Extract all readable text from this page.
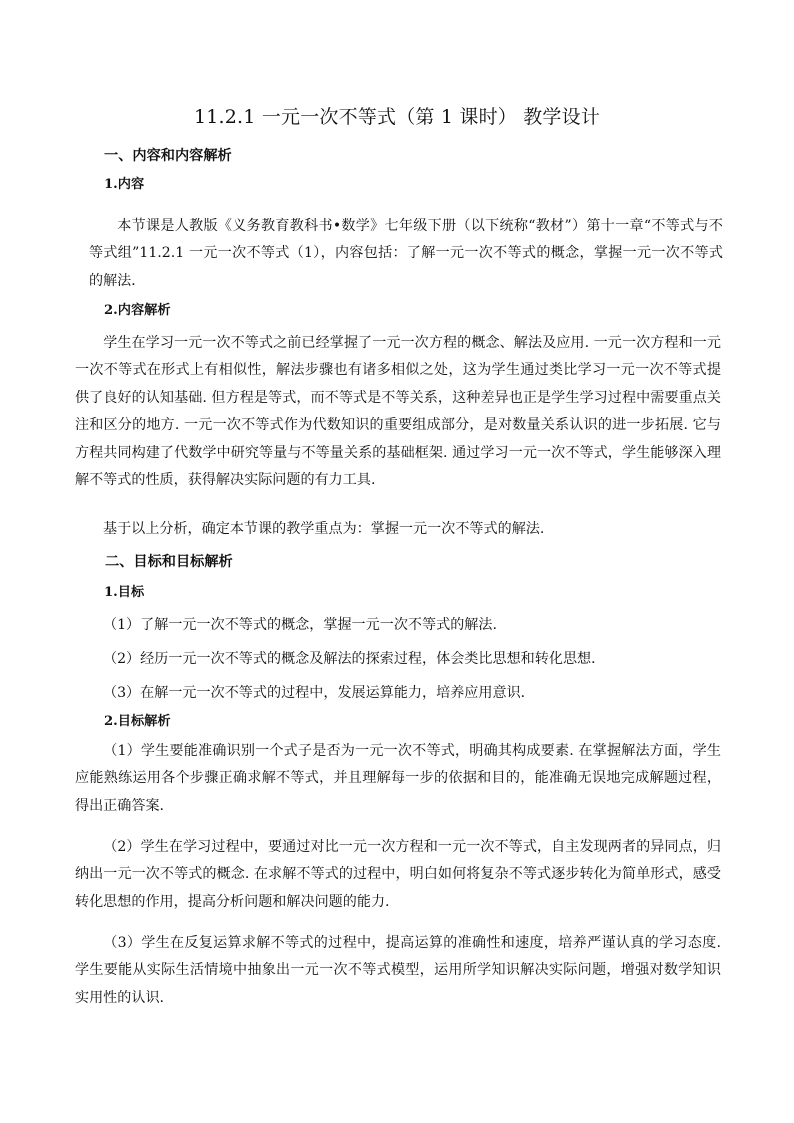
11.2.1 一元一次不等式（第 1 课时） 教学设计
一、内容和内容解析
1.内容
本节课是人教版《义务教育教科书•数学》七年级下册（以下统称“教材”）第十一章“不等式与不等式组”11.2.1 一元一次不等式（1），内容包括：了解一元一次不等式的概念，掌握一元一次不等式的解法．
2.内容解析
学生在学习一元一次不等式之前已经掌握了一元一次方程的概念、解法及应用. 一元一次方程和一元一次不等式在形式上有相似性，解法步骤也有诸多相似之处，这为学生通过类比学习一元一次不等式提供了良好的认知基础. 但方程是等式，而不等式是不等关系，这种差异也正是学生学习过程中需要重点关注和区分的地方. 一元一次不等式作为代数知识的重要组成部分，是对数量关系认识的进一步拓展. 它与方程共同构建了代数学中研究等量与不等量关系的基础框架. 通过学习一元一次不等式，学生能够深入理解不等式的性质，获得解决实际问题的有力工具.
基于以上分析，确定本节课的教学重点为：掌握一元一次不等式的解法.
二、目标和目标解析
1.目标
（1）了解一元一次不等式的概念，掌握一元一次不等式的解法.
（2）经历一元一次不等式的概念及解法的探索过程，体会类比思想和转化思想．
（3）在解一元一次不等式的过程中，发展运算能力，培养应用意识．
2.目标解析
（1）学生要能准确识别一个式子是否为一元一次不等式，明确其构成要素. 在掌握解法方面，学生应能熟练运用各个步骤正确求解不等式，并且理解每一步的依据和目的，能准确无误地完成解题过程，得出正确答案.
（2）学生在学习过程中，要通过对比一元一次方程和一元一次不等式，自主发现两者的异同点，归纳出一元一次不等式的概念. 在求解不等式的过程中，明白如何将复杂不等式逐步转化为简单形式，感受转化思想的作用，提高分析问题和解决问题的能力.
（3）学生在反复运算求解不等式的过程中，提高运算的准确性和速度，培养严谨认真的学习态度. 学生要能从实际生活情境中抽象出一元一次不等式模型，运用所学知识解决实际问题，增强对数学知识实用性的认识.
